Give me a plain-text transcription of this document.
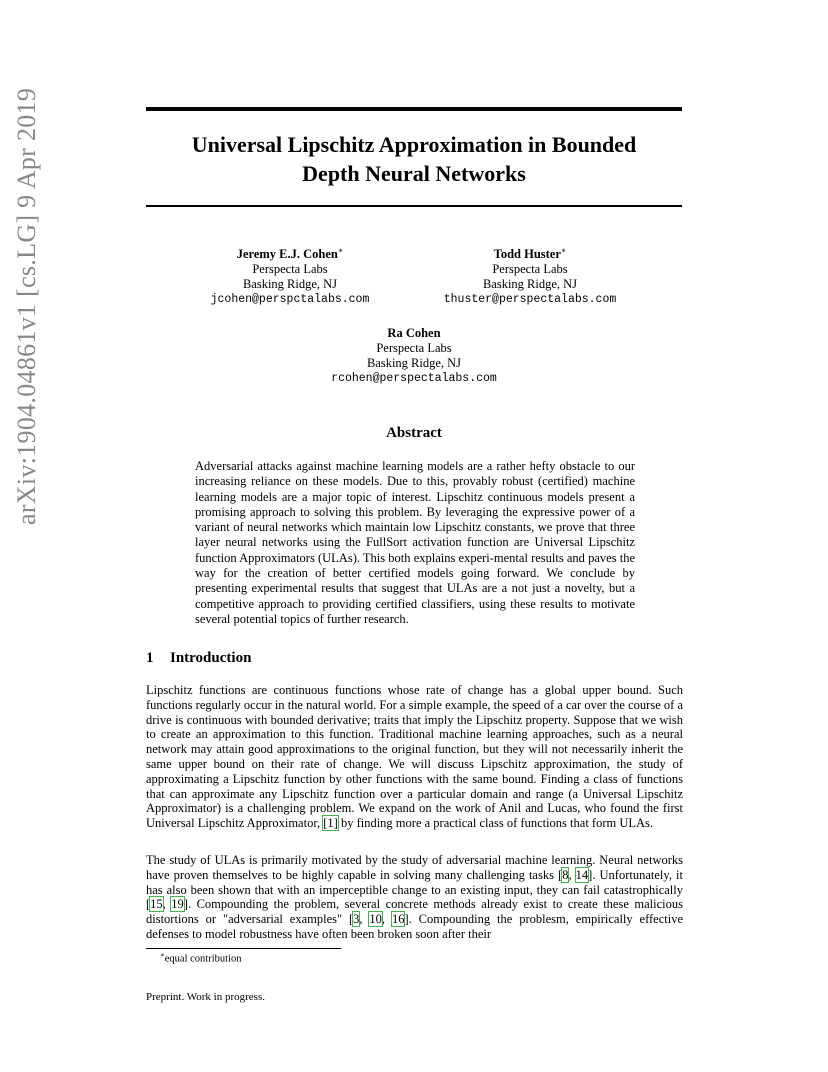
arXiv:1904.04861v1 [cs.LG] 9 Apr 2019	Universal Lipschitz Approximation in Bounded
Depth Neural Networks
Jeremy E.J. Cohen∗
Perspecta Labs
Basking Ridge, NJ
jcohen@perspctalabs.com
Todd Huster∗
Perspecta Labs
Basking Ridge, NJ
thuster@perspectalabs.com
Ra Cohen
Perspecta Labs
Basking Ridge, NJ
rcohen@perspectalabs.com
Abstract
Adversarial attacks against machine learning models are a rather hefty obstacle to our increasing reliance on these models. Due to this, provably robust (certified) machine learning models are a major topic of interest. Lipschitz continuous models present a promising approach to solving this problem. By leveraging the expressive power of a variant of neural networks which maintain low Lipschitz constants, we prove that three layer neural networks using the FullSort activation function are Universal Lipschitz function Approximators (ULAs). This both explains experi-mental results and paves the way for the creation of better certified models going forward. We conclude by presenting experimental results that suggest that ULAs are a not just a novelty, but a competitive approach to providing certified classifiers, using these results to motivate several potential topics of further research.
1 Introduction

Lipschitz functions are continuous functions whose rate of change has a global upper bound. Such functions regularly occur in the natural world. For a simple example, the speed of a car over the course of a drive is continuous with bounded derivative; traits that imply the Lipschitz property. Suppose that we wish to create an approximation to this function. Traditional machine learning approaches, such as a neural network may attain good approximations to the original function, but they will not necessarily inherit the same upper bound on their rate of change. We will discuss Lipschitz approximation, the study of approximating a Lipschitz function by other functions with the same bound. Finding a class of functions that can approximate any Lipschitz function over a particular domain and range (a Universal Lipschitz Approximator) is a challenging problem. We expand on the work of Anil and Lucas, who found the first Universal Lipschitz Approximator, [1] by finding more a practical class of functions that form ULAs.

The study of ULAs is primarily motivated by the study of adversarial machine learning. Neural networks have proven themselves to be highly capable in solving many challenging tasks [8, 14]. Unfortunately, it has also been shown that with an imperceptible change to an existing input, they can fail catastrophically [15, 19]. Compounding the problem, several concrete methods already exist to create these malicious distortions or "adversarial examples" [3, 10, 16]. Compounding the problesm, empirically effective defenses to model robustness have often been broken soon after their

∗equal contribution
Preprint. Work in progress.
